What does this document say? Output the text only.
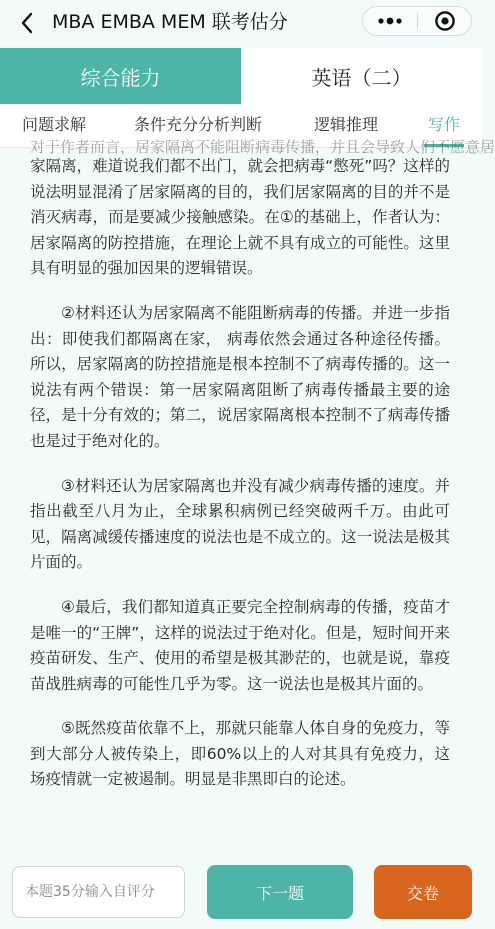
MBA EMBA MEM 联考估分
综合能力	英语（二）
问题求解	条件充分分析判断	逻辑推理	写作
对于作者而言，居家隔离不能阻断病毒传播，并且会导致人们不愿意居

家隔离，难道说我们都不出门，就会把病毒“憋死”吗？这样的说法明显混淆了居家隔离的目的，我们居家隔离的目的并不是消灭病毒，而是要减少接触感染。在①的基础上，作者认为：居家隔离的防控措施，在理论上就不具有成立的可能性。这里具有明显的强加因果的逻辑错误。

②材料还认为居家隔离不能阻断病毒的传播。并进一步指出：即使我们都隔离在家， 病毒依然会通过各种途径传播。所以，居家隔离的防控措施是根本控制不了病毒传播的。这一说法有两个错误：第一居家隔离阻断了病毒传播最主要的途径，是十分有效的；第二，说居家隔离根本控制不了病毒传播也是过于绝对化的。

③材料还认为居家隔离也并没有减少病毒传播的速度。并指出截至八月为止，全球累积病例已经突破两千万。由此可见，隔离减缓传播速度的说法也是不成立的。这一说法是极其片面的。

④最后，我们都知道真正要完全控制病毒的传播，疫苗才是唯一的“王牌”，这样的说法过于绝对化。但是，短时间开来疫苗研发、生产、使用的希望是极其渺茫的，也就是说，靠疫苗战胜病毒的可能性几乎为零。这一说法也是极其片面的。

⑤既然疫苗依靠不上，那就只能靠人体自身的免疫力，等到大部分人被传染上，即60%以上的人对其具有免疫力，这场疫情就一定被遏制。明显是非黑即白的论述。

本题35分输入自评分
下一题	交卷
